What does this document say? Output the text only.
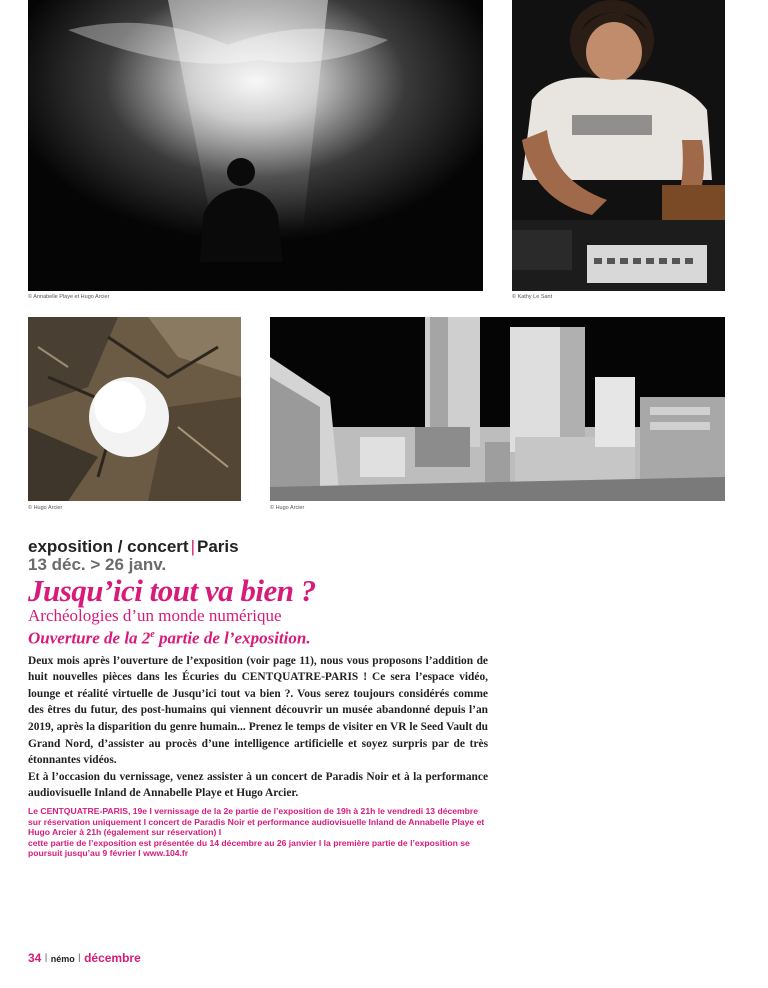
© Annabelle Playe et Hugo Arcier	© Kathy Le Sant
© Hugo Arcier	© Hugo Arcier
exposition / concert | Paris
13 déc. > 26 janv.
Jusqu’ici tout va bien ?
Archéologies d’un monde numérique
Ouverture de la 2e partie de l’exposition.

Deux mois après l’ouverture de l’exposition (voir page 11), nous vous proposons l’addition de huit nouvelles pièces dans les Écuries du CENTQUATRE-PARIS ! Ce sera l’espace vidéo, lounge et réalité virtuelle de Jusqu’ici tout va bien ?. Vous serez toujours considérés comme des êtres du futur, des post-humains qui viennent découvrir un musée abandonné depuis l’an 2019, après la disparition du genre humain... Prenez le temps de visiter en VR le Seed Vault du Grand Nord, d’assister au procès d’une intelligence artificielle et soyez surpris par de très étonnantes vidéos.

Et à l’occasion du vernissage, venez assister à un concert de Paradis Noir et à la performance audiovisuelle Inland de Annabelle Playe et Hugo Arcier.

Le CENTQUATRE-PARIS, 19e I vernissage de la 2e partie de l’exposition de 19h à 21h le vendredi 13 décembre sur réservation uniquement I concert de Paradis Noir et performance audiovisuelle Inland de Annabelle Playe et Hugo Arcier à 21h (également sur réservation) I

cette partie de l’exposition est présentée du 14 décembre au 26 janvier I la première partie de l’exposition se poursuit jusqu’au 9 février I www.104.fr

34 I némo I décembre
